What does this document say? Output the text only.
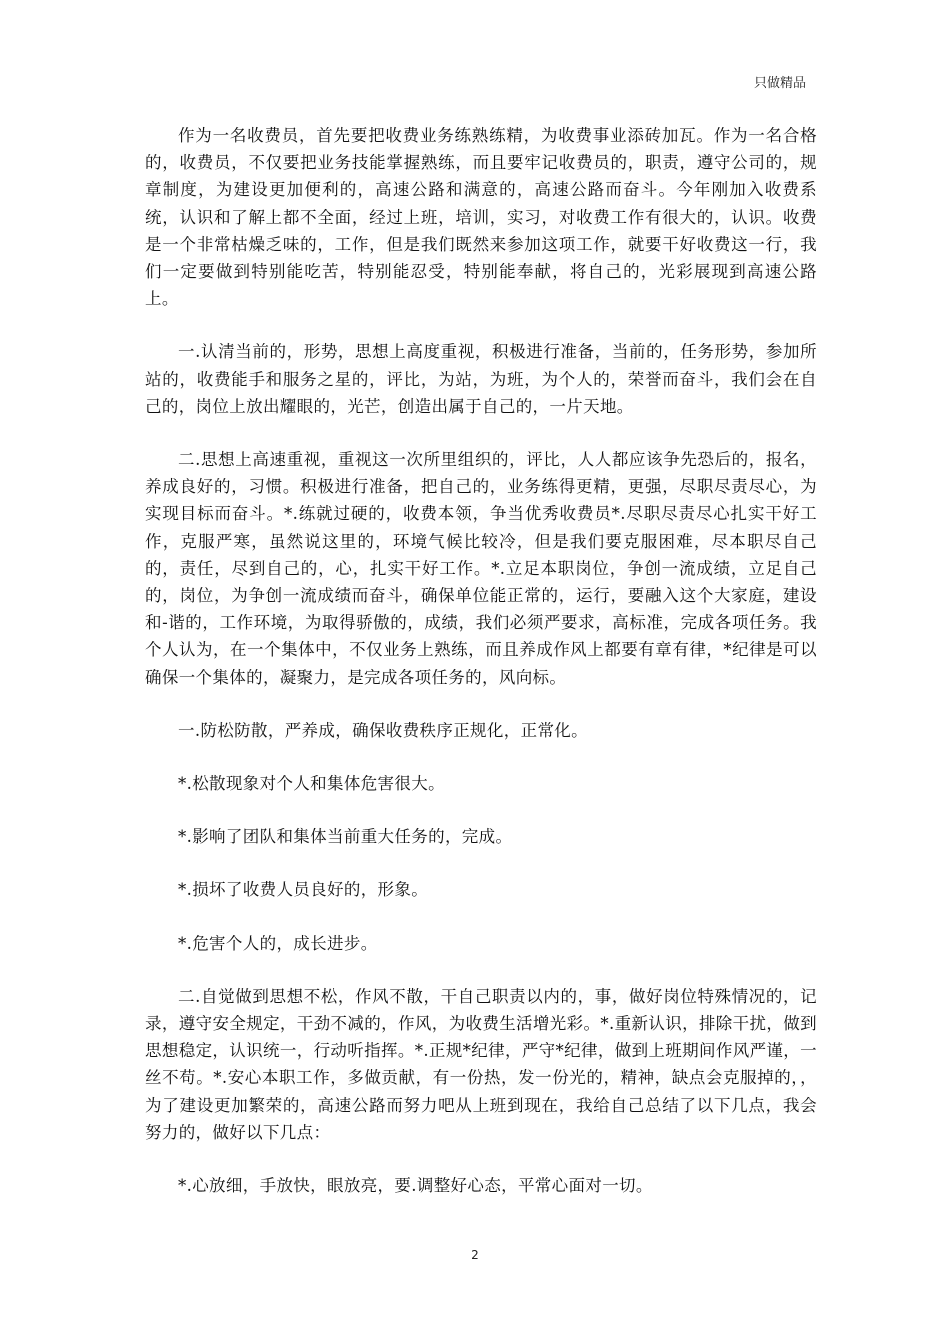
只做精品

作为一名收费员，首先要把收费业务练熟练精，为收费事业添砖加瓦。作为一名合格的，收费员，不仅要把业务技能掌握熟练，而且要牢记收费员的，职责，遵守公司的，规章制度，为建设更加便利的，高速公路和满意的，高速公路而奋斗。今年刚加入收费系统，认识和了解上都不全面，经过上班，培训，实习，对收费工作有很大的，认识。收费是一个非常枯燥乏味的，工作，但是我们既然来参加这项工作，就要干好收费这一行，我们一定要做到特别能吃苦，特别能忍受，特别能奉献，将自己的，光彩展现到高速公路上。

一.认清当前的，形势，思想上高度重视，积极进行准备，当前的，任务形势，参加所站的，收费能手和服务之星的，评比，为站，为班，为个人的，荣誉而奋斗，我们会在自己的，岗位上放出耀眼的，光芒，创造出属于自己的，一片天地。

二.思想上高速重视，重视这一次所里组织的，评比，人人都应该争先恐后的，报名，养成良好的，习惯。积极进行准备，把自己的，业务练得更精，更强，尽职尽责尽心，为实现目标而奋斗。*.练就过硬的，收费本领，争当优秀收费员*.尽职尽责尽心扎实干好工作，克服严寒，虽然说这里的，环境气候比较冷，但是我们要克服困难，尽本职尽自己的，责任，尽到自己的，心，扎实干好工作。*.立足本职岗位，争创一流成绩，立足自己的，岗位，为争创一流成绩而奋斗，确保单位能正常的，运行，要融入这个大家庭，建设和-谐的，工作环境，为取得骄傲的，成绩，我们必须严要求，高标准，完成各项任务。我个人认为，在一个集体中，不仅业务上熟练，而且养成作风上都要有章有律，*纪律是可以确保一个集体的，凝聚力，是完成各项任务的，风向标。

一.防松防散，严养成，确保收费秩序正规化，正常化。

*.松散现象对个人和集体危害很大。

*.影响了团队和集体当前重大任务的，完成。

*.损坏了收费人员良好的，形象。

*.危害个人的，成长进步。

二.自觉做到思想不松，作风不散，干自己职责以内的，事，做好岗位特殊情况的，记录，遵守安全规定，干劲不减的，作风，为收费生活增光彩。*.重新认识，排除干扰，做到思想稳定，认识统一，行动听指挥。*.正规*纪律，严守*纪律，做到上班期间作风严谨，一丝不苟。*.安心本职工作，多做贡献，有一份热，发一份光的，精神，缺点会克服掉的，，为了建设更加繁荣的，高速公路而努力吧从上班到现在，我给自己总结了以下几点，我会努力的，做好以下几点：

*.心放细，手放快，眼放亮，要.调整好心态，平常心面对一切。

2
